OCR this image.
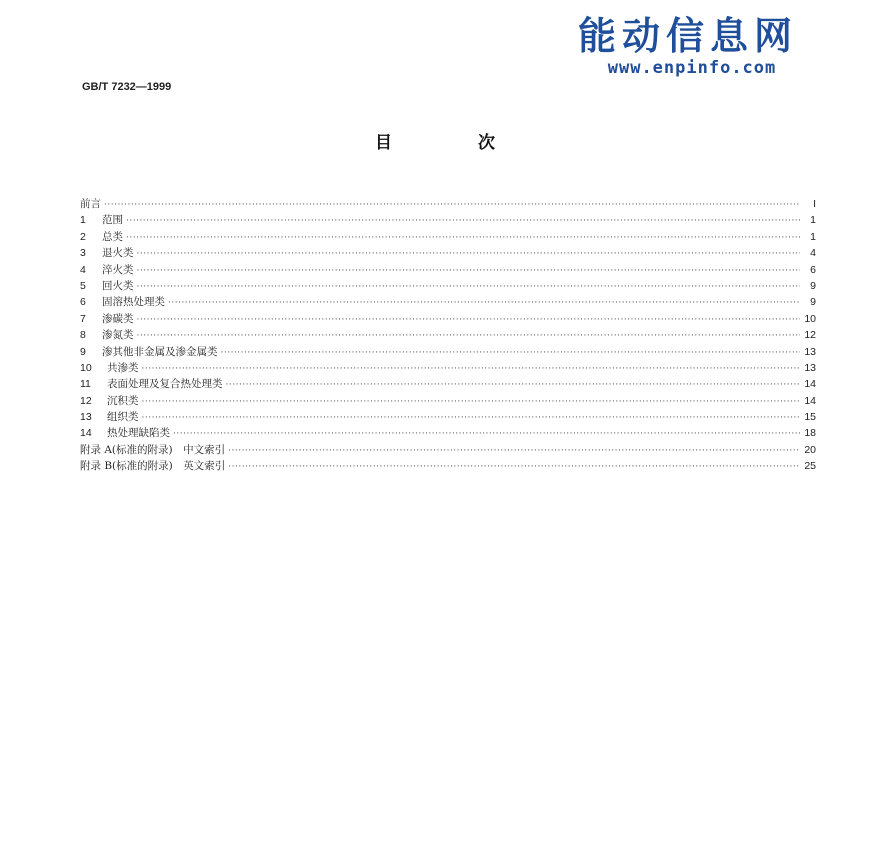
能动信息网
www.enpinfo.com
GB/T 7232—1999
目	次
前言 ·····	I
1	范围 ·····	1
2	总类 ·····	1
3	退火类 ·····	4
4	淬火类 ·····	6
5	回火类 ·····	9
6	固溶热处理类 ·····	9
7	渗碳类 ·····	10
8	渗氮类 ·····	12
9	渗其他非金属及渗金属类 ·····	13
10	共渗类 ·····	13
11	表面处理及复合热处理类 ·····	14
12	沉积类 ·····	14
13	组织类 ·····	15
14	热处理缺陷类 ·····	18
附录 A(标准的附录)　中文索引 ·····	20
附录 B(标准的附录)　英文索引 ·····	25
